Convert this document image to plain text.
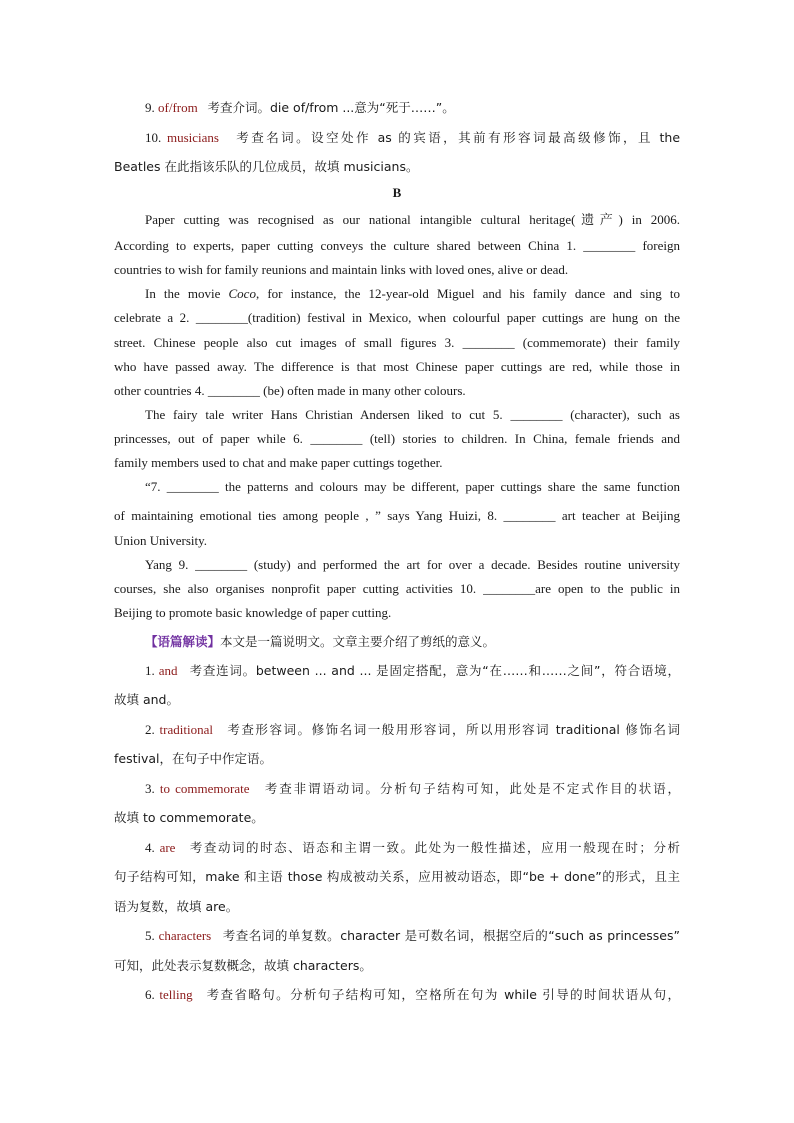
9. of/from 考查介词。die of/from ...意为“死于……”。
10. musicians 考查名词。设空处作 as 的宾语，其前有形容词最高级修饰，且 the
Beatles 在此指该乐队的几位成员，故填 musicians。
B
Paper cutting was recognised as our national intangible cultural heritage(遗产) in 2006.
According to experts, paper cutting conveys the culture shared between China 1. ________ foreign
countries to wish for family reunions and maintain links with loved ones, alive or dead.
In the movie Coco, for instance, the 12-year-old Miguel and his family dance and sing to
celebrate a 2. ________(tradition) festival in Mexico, when colourful paper cuttings are hung on the
street. Chinese people also cut images of small figures 3. ________ (commemorate) their family
who have passed away. The difference is that most Chinese paper cuttings are red, while those in
other countries 4. ________ (be) often made in many other colours.
The fairy tale writer Hans Christian Andersen liked to cut 5. ________ (character), such as
princesses, out of paper while 6. ________ (tell) stories to children. In China, female friends and
family members used to chat and make paper cuttings together.
“7. ________ the patterns and colours may be different, paper cuttings share the same function
of maintaining emotional ties among people , ” says Yang Huizi, 8. ________ art teacher at Beijing
Union University.
Yang 9. ________ (study) and performed the art for over a decade. Besides routine university
courses, she also organises nonprofit paper cutting activities 10. ________are open to the public in
Beijing to promote basic knowledge of paper cutting.
【语篇解读】本文是一篇说明文。文章主要介绍了剪纸的意义。
1. and 考查连词。between ... and ... 是固定搭配，意为“在……和……之间”，符合语境，
故填 and。
2. traditional 考查形容词。修饰名词一般用形容词，所以用形容词 traditional 修饰名词
festival，在句子中作定语。
3. to commemorate 考查非谓语动词。分析句子结构可知，此处是不定式作目的状语，
故填 to commemorate。
4. are 考查动词的时态、语态和主谓一致。此处为一般性描述，应用一般现在时；分析
句子结构可知，make 和主语 those 构成被动关系，应用被动语态，即“be + done”的形式，且主
语为复数，故填 are。
5. characters 考查名词的单复数。character 是可数名词，根据空后的“such as princesses”
可知，此处表示复数概念，故填 characters。
6. telling 考查省略句。分析句子结构可知，空格所在句为 while 引导的时间状语从句，
